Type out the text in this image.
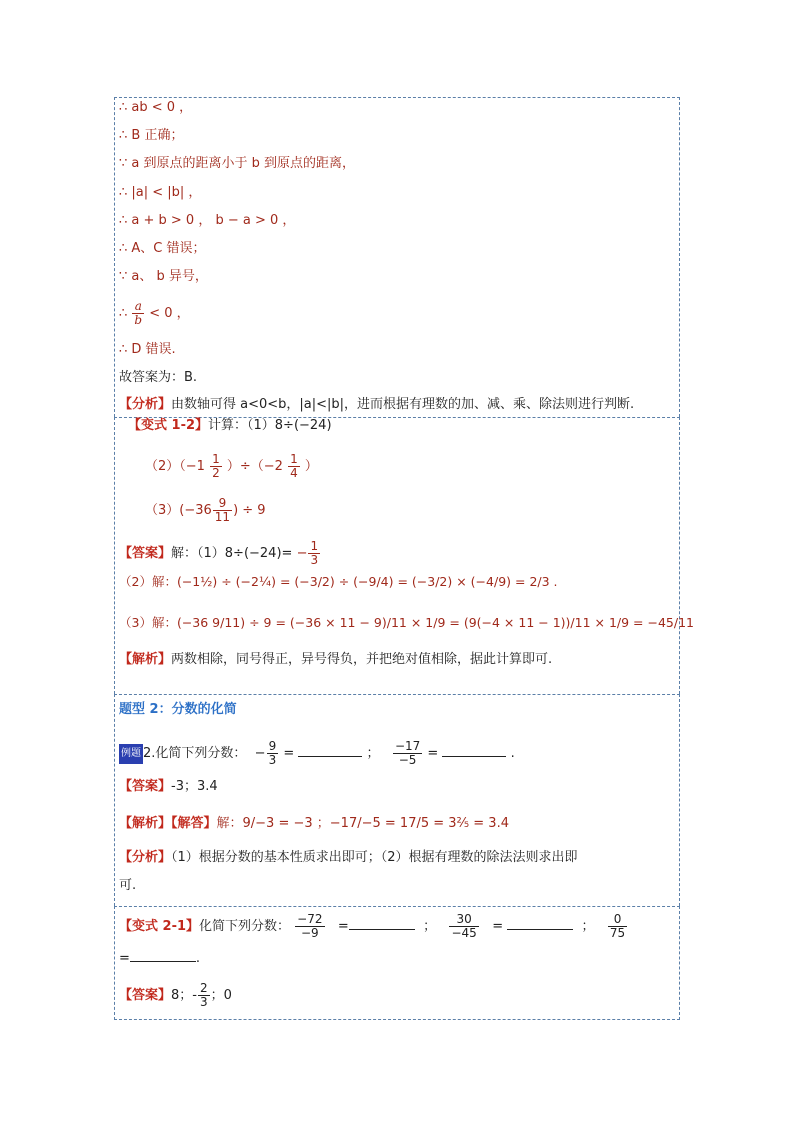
∴ ab < 0 ，
∴ B 正确；
∵ a 到原点的距离小于 b 到原点的距离，
∴ |a| < |b| ，
∴ a + b > 0 ， b − a > 0 ，
∴ A、C 错误；
∵ a、 b 异号，
∴ $\frac{a}{b} < 0$ ，
∴ D 错误.
故答案为：B.
【分析】由数轴可得 a<0<b，|a|<|b|，进而根据有理数的加、减、乘、除法则进行判断.
【变式 1-2】计算：（1）8÷(−24)
$(2)(-1 \frac{1}{2} )\div(-2 \frac{1}{4}$ ）
$(3)(-36 \frac{9}{11}$ ) ÷ 9
【答案】解：$(1)8\div(-24)= - \frac{1}{3}$
（2）解：(−1½) ÷ (−2¼) = (−3/2) ÷ (−9/4) = (−3/2) × (−4/9) = 2/3 .
（3）解：(−36 9/11) ÷ 9 = (−36 × 11 − 9)/11 × 1/9 = (9(−4 × 11 − 1))/11 × 1/9 = −45/11
【解析】两数相除，同号得正，异号得负，并把绝对值相除，据此计算即可.
题型 2：分数的化简
例题 2.化简下列分数：  − $\frac{9}{3}$ =	； $\frac{-17}{-5}$ =	.
【答案】-3；3.4
【解析】【解答】解：9/−3 = −3 ；−17/−5 = 17/5 = 3⅖ = 3.4
【分析】（1）根据分数的基本性质求出即可；（2）根据有理数的除法法则求出即
可.
【变式 2-1】化简下列分数： $\frac{-72}{-9}$ =	； $\frac{30}{-45}$ =	； $\frac{0}{75}$
=	.
【答案】8；- $\frac{2}{3}$ ；0
